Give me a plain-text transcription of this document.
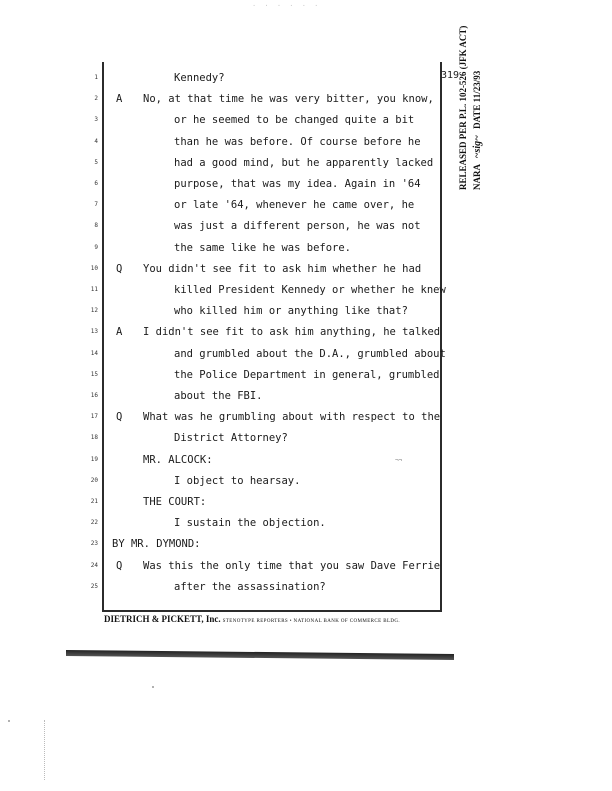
· · · · · ·
319
1	Kennedy?
2 A No, at that time he was very bitter, you know,
3	or he seemed to be changed quite a bit
4	than he was before. Of course before he
5	had a good mind, but he apparently lacked
6	purpose, that was my idea. Again in '64
7	or late '64, whenever he came over, he
8	was just a different person, he was not
9	the same like he was before.
10 Q You didn't see fit to ask him whether he had
11	killed President Kennedy or whether he knew
12	who killed him or anything like that?
13 A I didn't see fit to ask him anything, he talked
14	and grumbled about the D.A., grumbled about
15	the Police Department in general, grumbled
16	about the FBI.
17 Q What was he grumbling about with respect to the
18	District Attorney?
19	MR. ALCOCK:
20	I object to hearsay.
21	THE COURT:
22	I sustain the objection.
23 BY MR. DYMOND:
24 Q Was this the only time that you saw Dave Ferrie
25	after the assassination?
¬¬
RELEASED PER P.L. 102-526 (JFK ACT) NARA ~sig~ DATE 11/23/93
DIETRICH & PICKETT, Inc. STENOTYPE REPORTERS • NATIONAL BANK OF COMMERCE BLDG.
